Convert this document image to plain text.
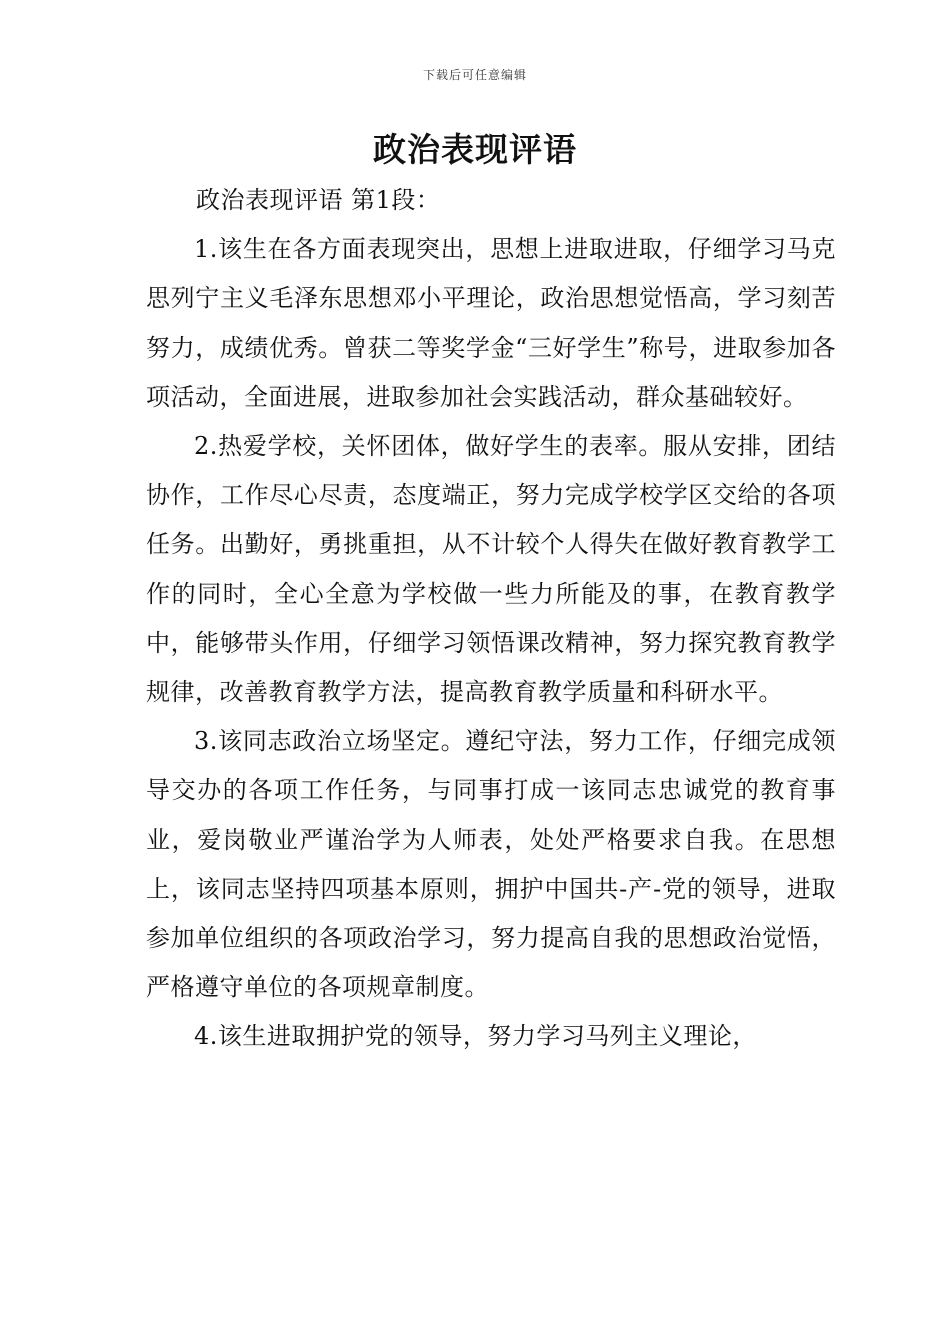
下载后可任意编辑
政治表现评语

政治表现评语 第1段：

1.该生在各方面表现突出，思想上进取进取，仔细学习马克思列宁主义毛泽东思想邓小平理论，政治思想觉悟高，学习刻苦努力，成绩优秀。曾获二等奖学金“三好学生”称号，进取参加各项活动，全面进展，进取参加社会实践活动，群众基础较好。

2.热爱学校，关怀团体，做好学生的表率。服从安排，团结协作，工作尽心尽责，态度端正，努力完成学校学区交给的各项任务。出勤好，勇挑重担，从不计较个人得失在做好教育教学工作的同时，全心全意为学校做一些力所能及的事，在教育教学中，能够带头作用，仔细学习领悟课改精神，努力探究教育教学规律，改善教育教学方法，提高教育教学质量和科研水平。

3.该同志政治立场坚定。遵纪守法，努力工作，仔细完成领导交办的各项工作任务，与同事打成一该同志忠诚党的教育事业，爱岗敬业严谨治学为人师表，处处严格要求自我。在思想上，该同志坚持四项基本原则，拥护中国共-产-党的领导，进取参加单位组织的各项政治学习，努力提高自我的思想政治觉悟，严格遵守单位的各项规章制度。

4.该生进取拥护党的领导，努力学习马列主义理论，
